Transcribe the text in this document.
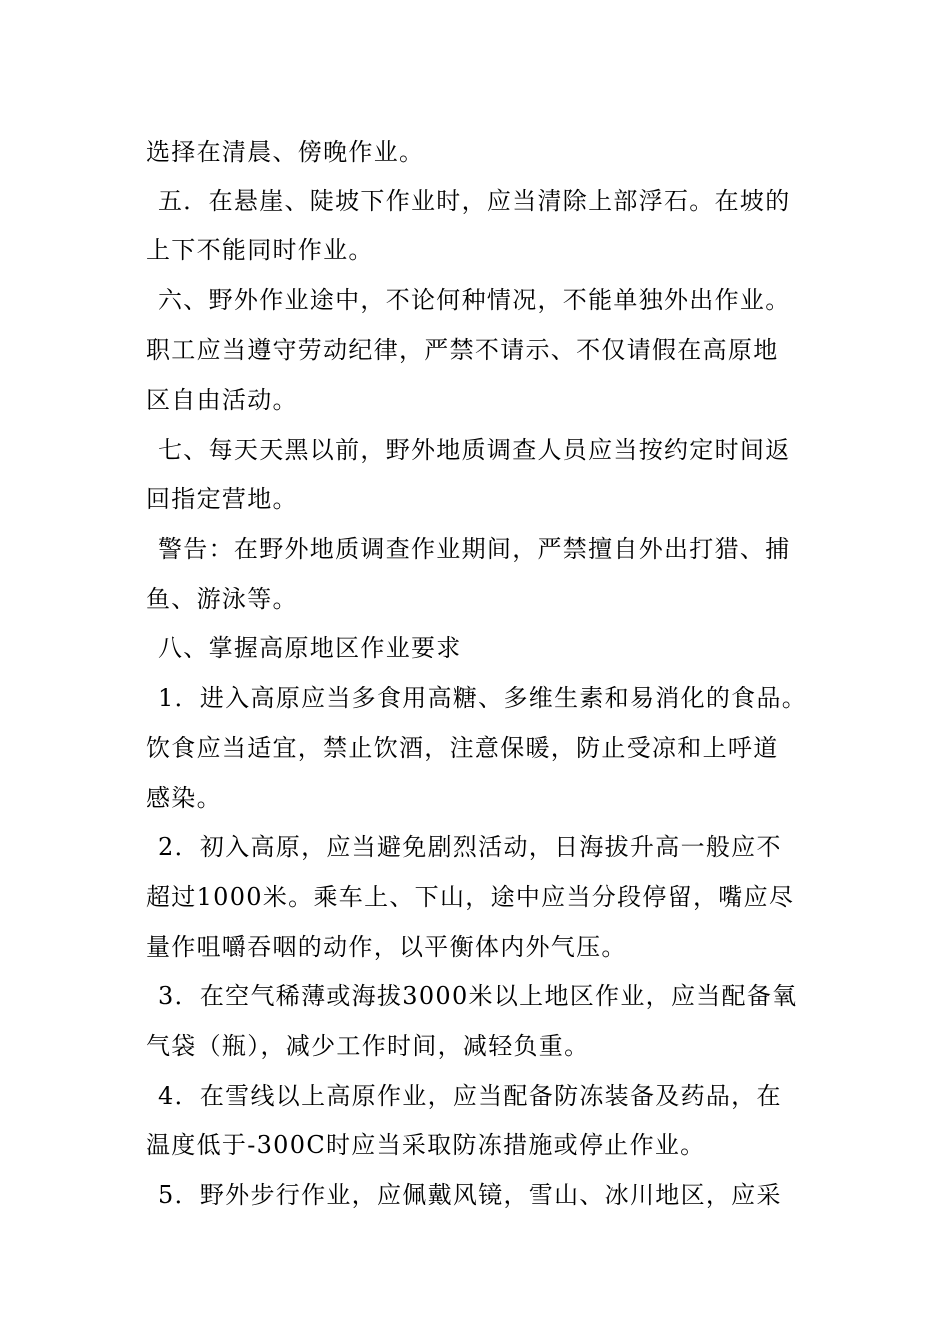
选择在清晨、傍晚作业。
五．在悬崖、陡坡下作业时，应当清除上部浮石。在坡的
上下不能同时作业。
六、野外作业途中，不论何种情况，不能单独外出作业。
职工应当遵守劳动纪律，严禁不请示、不仅请假在高原地
区自由活动。
七、每天天黑以前，野外地质调查人员应当按约定时间返
回指定营地。
警告：在野外地质调查作业期间，严禁擅自外出打猎、捕
鱼、游泳等。
八、掌握高原地区作业要求
1．进入高原应当多食用高糖、多维生素和易消化的食品。
饮食应当适宜，禁止饮酒，注意保暖，防止受凉和上呼道
感染。
2．初入高原，应当避免剧烈活动，日海拔升高一般应不
超过1000米。乘车上、下山，途中应当分段停留，嘴应尽
量作咀嚼吞咽的动作，以平衡体内外气压。
3．在空气稀薄或海拔3000米以上地区作业，应当配备氧
气袋（瓶），减少工作时间，减轻负重。
4．在雪线以上高原作业，应当配备防冻装备及药品，在
温度低于-300C时应当采取防冻措施或停止作业。
5．野外步行作业，应佩戴风镜，雪山、冰川地区，应采
